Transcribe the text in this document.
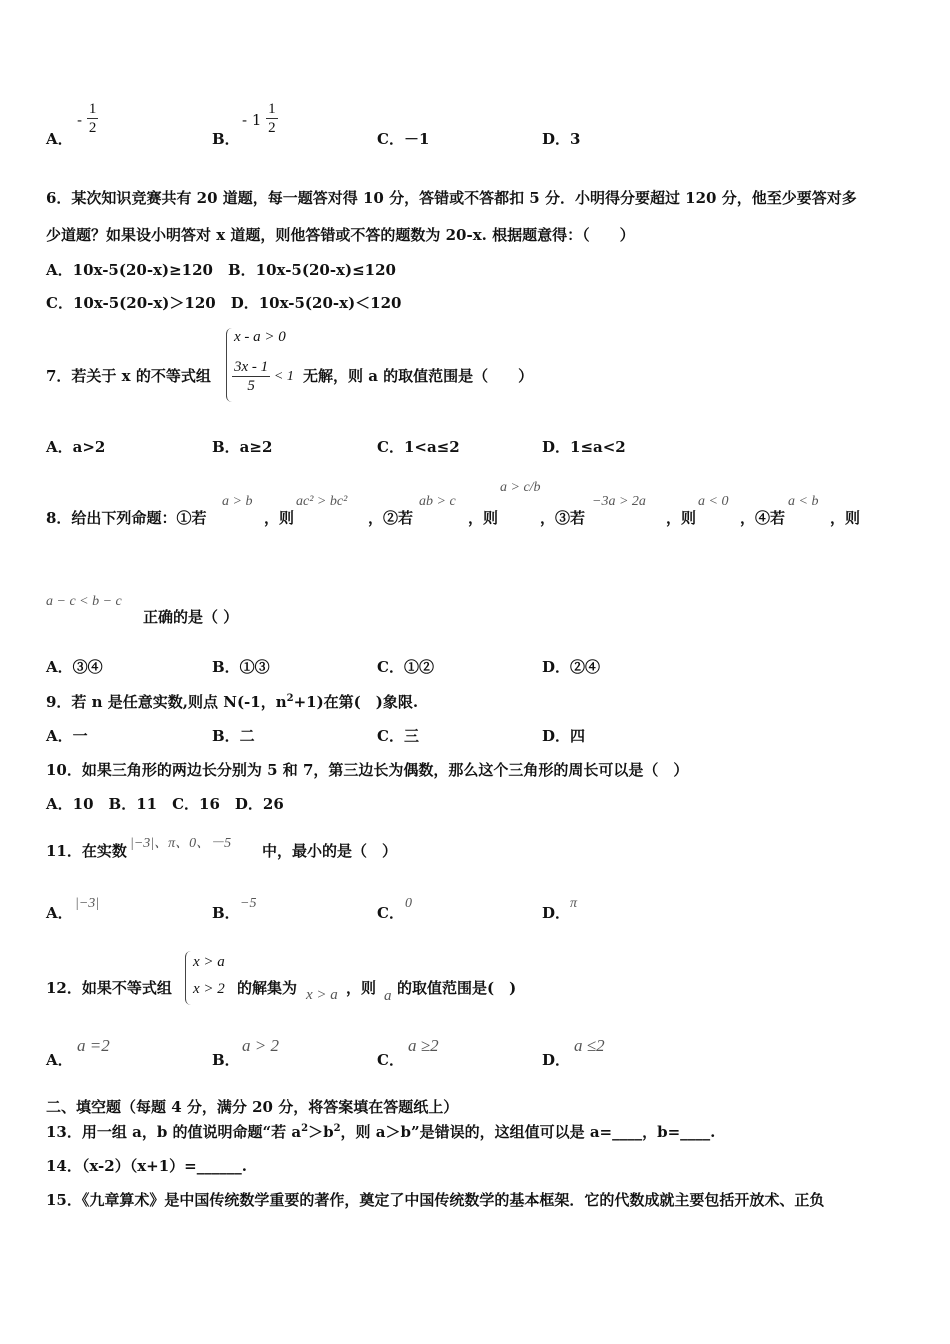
A．
- $\frac{1}{2}$
B．
- $1 \frac{1}{2}$
C．－1	D．3
6．某次知识竞赛共有 20 道题，每一题答对得 10 分，答错或不答都扣 5 分．小明得分要超过 120 分，他至少要答对多
少道题？如果设小明答对 x 道题，则他答错或不答的题数为 20-x. 根据题意得：（　　）
A．10x-5(20-x)≥120　B．10x-5(20-x)≤120
C．10x-5(20-x)＞120　D．10x-5(20-x)＜120
7．若关于 x 的不等式组
x - a > 0
$\frac{3x - 1}{5} < 1$ 无解，则 a 的取值范围是（　　）
A．a>2	B．a≥2	C．1<a≤2	D．1≤a<2
8．给出下列命题：①若
a > b
，则
ac² > bc²
，②若
ab > c
，则
a > c/b
，③若
−3a > 2a
，则
a < 0
，④若
a < b
，则
a − c < b − c
正确的是（ ）
A．③④	B．①③	C．①②	D．②④
9．若 n 是任意实数,则点 N(-1，$n^2+1$)在第(　)象限.
A．一	B．二	C．三	D．四
10．如果三角形的两边长分别为 5 和 7，第三边长为偶数，那么这个三角形的周长可以是（　）
A．10　B．11　C．16　D．26
11．在实数 |−3|、π、0、－5 中，最小的是（　）
A．
|−3|
B．
−5
C．
0
D．
π
12．如果不等式组
x > a
x > 2 的解集为 x > a ，则 a 的取值范围是(　)
A．
a =2
B．
a > 2
C．
a ≥2
D．
a ≤2
二、填空题（每题 4 分，满分 20 分，将答案填在答题纸上）
13．用一组 a，b 的值说明命题“若 $a^2>b^2$，则 a＞b”是错误的，这组值可以是 a=____，b=____.
14．（x-2）（x+1）=______.
15．《九章算术》是中国传统数学重要的著作，奠定了中国传统数学的基本框架．它的代数成就主要包括开放术、正负
